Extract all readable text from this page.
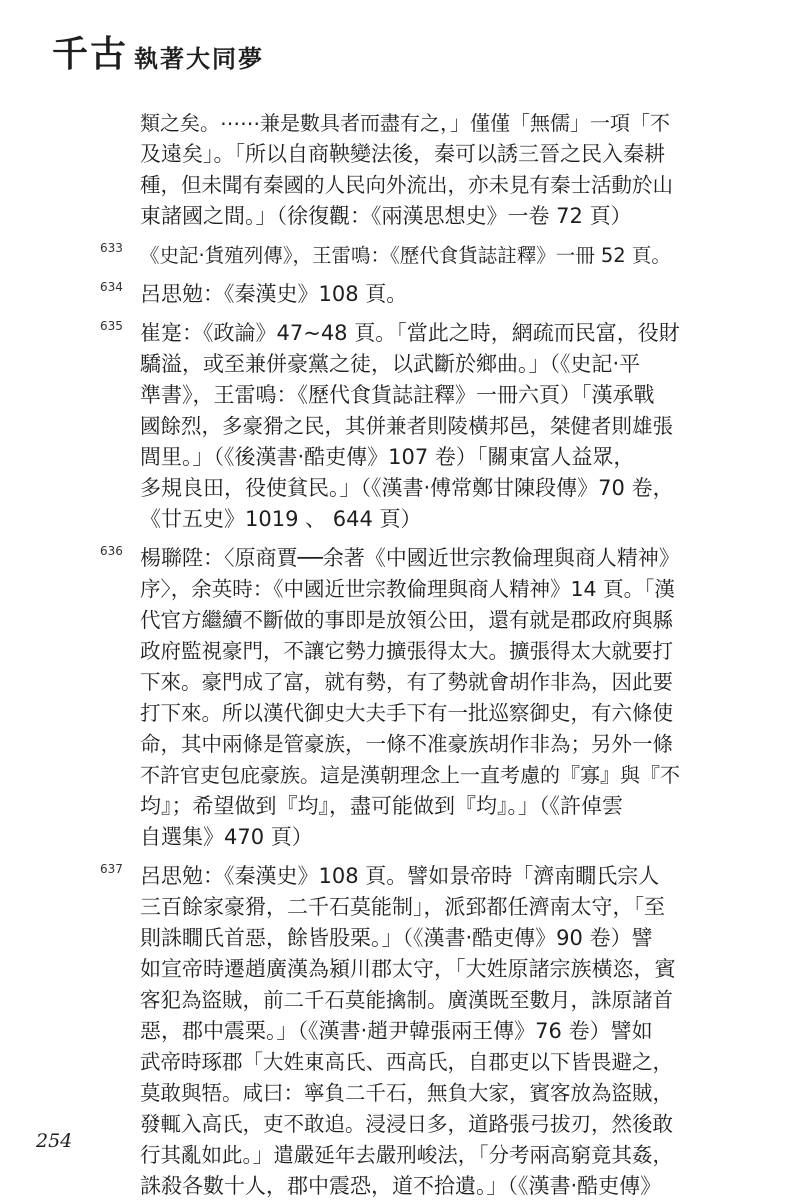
千古 執著大同夢
類之矣。⋯⋯兼是數具者而盡有之，」僅僅「無儒」一項「不
及遠矣」。「所以自商鞅變法後，秦可以誘三晉之民入秦耕
種，但未聞有秦國的人民向外流出，亦未見有秦士活動於山
東諸國之間。」（徐復觀：《兩漢思想史》一卷 72 頁）
633 《史記‧貨殖列傳》，王雷鳴：《歷代食貨誌註釋》一冊 52 頁。
634 呂思勉：《秦漢史》108 頁。
635 崔寔：《政論》47~48 頁。「當此之時，網疏而民富，役財
驕溢，或至兼併豪黨之徒，以武斷於鄉曲。」（《史記‧平
準書》，王雷鳴：《歷代食貨誌註釋》一冊六頁）「漢承戰
國餘烈，多豪猾之民，其併兼者則陵橫邦邑，桀健者則雄張
閭里。」（《後漢書‧酷吏傳》107 卷）「關東富人益眾，
多規良田，役使貧民。」（《漢書‧傅常鄭甘陳段傳》70 卷，
《廿五史》1019 、 644 頁）
636 楊聯陞：〈原商賈──余著《中國近世宗教倫理與商人精神》
序〉，余英時：《中國近世宗教倫理與商人精神》14 頁。「漢
代官方繼續不斷做的事即是放領公田，還有就是郡政府與縣
政府監視豪門，不讓它勢力擴張得太大。擴張得太大就要打
下來。豪門成了富，就有勢，有了勢就會胡作非為，因此要
打下來。所以漢代御史大夫手下有一批巡察御史，有六條使
命，其中兩條是管豪族，一條不准豪族胡作非為；另外一條
不許官吏包庇豪族。這是漢朝理念上一直考慮的『寡』與『不
均』；希望做到『均』，盡可能做到『均』。」（《許倬雲
自選集》470 頁）
637 呂思勉：《秦漢史》108 頁。譬如景帝時「濟南瞯氏宗人
三百餘家豪猾，二千石莫能制」，派郅都任濟南太守，「至
則誅瞯氏首惡，餘皆股栗。」（《漢書‧酷吏傳》90 卷）譬
如宣帝時遷趙廣漢為潁川郡太守，「大姓原諸宗族橫恣，賓
客犯為盜賊，前二千石莫能擒制。廣漢既至數月，誅原諸首
惡，郡中震栗。」（《漢書‧趙尹韓張兩王傳》76 卷）譬如
武帝時琢郡「大姓東高氏、西高氏，自郡吏以下皆畏避之，
莫敢與牾。咸曰：寧負二千石，無負大家，賓客放為盜賊，
發輒入高氏，吏不敢追。浸浸日多，道路張弓拔刃，然後敢
行其亂如此。」遣嚴延年去嚴刑峻法，「分考兩高窮竟其姦，
誅殺各數十人，郡中震恐，道不拾遺。」（《漢書‧酷吏傳》
254
